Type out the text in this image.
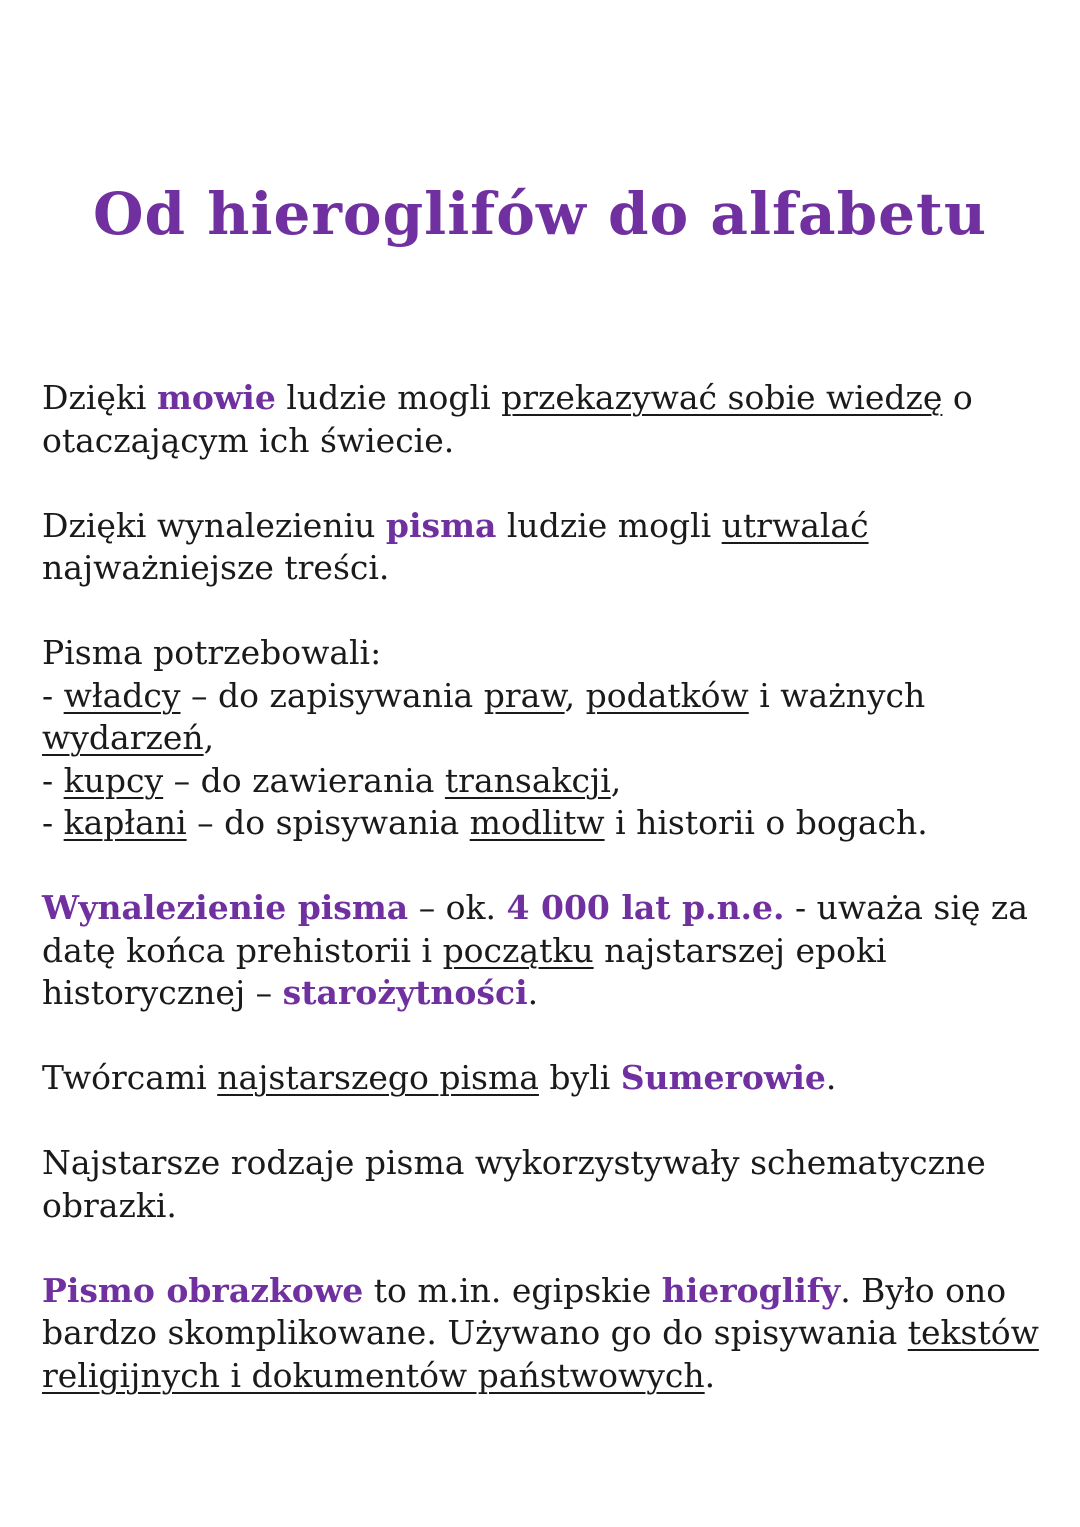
Od hieroglifów do alfabetu

Dzięki mowie ludzie mogli przekazywać sobie wiedzę o otaczającym ich świecie.

Dzięki wynalezieniu pisma ludzie mogli utrwalać najważniejsze treści.

Pisma potrzebowali:
- władcy – do zapisywania praw, podatków i ważnych wydarzeń,
- kupcy – do zawierania transakcji,
- kapłani – do spisywania modlitw i historii o bogach.

Wynalezienie pisma – ok. 4 000 lat p.n.e. - uważa się za datę końca prehistorii i początku najstarszej epoki historycznej – starożytności.

Twórcami najstarszego pisma byli Sumerowie.

Najstarsze rodzaje pisma wykorzystywały schematyczne obrazki.

Pismo obrazkowe to m.in. egipskie hieroglify. Było ono bardzo skomplikowane. Używano go do spisywania tekstów religijnych i dokumentów państwowych.
